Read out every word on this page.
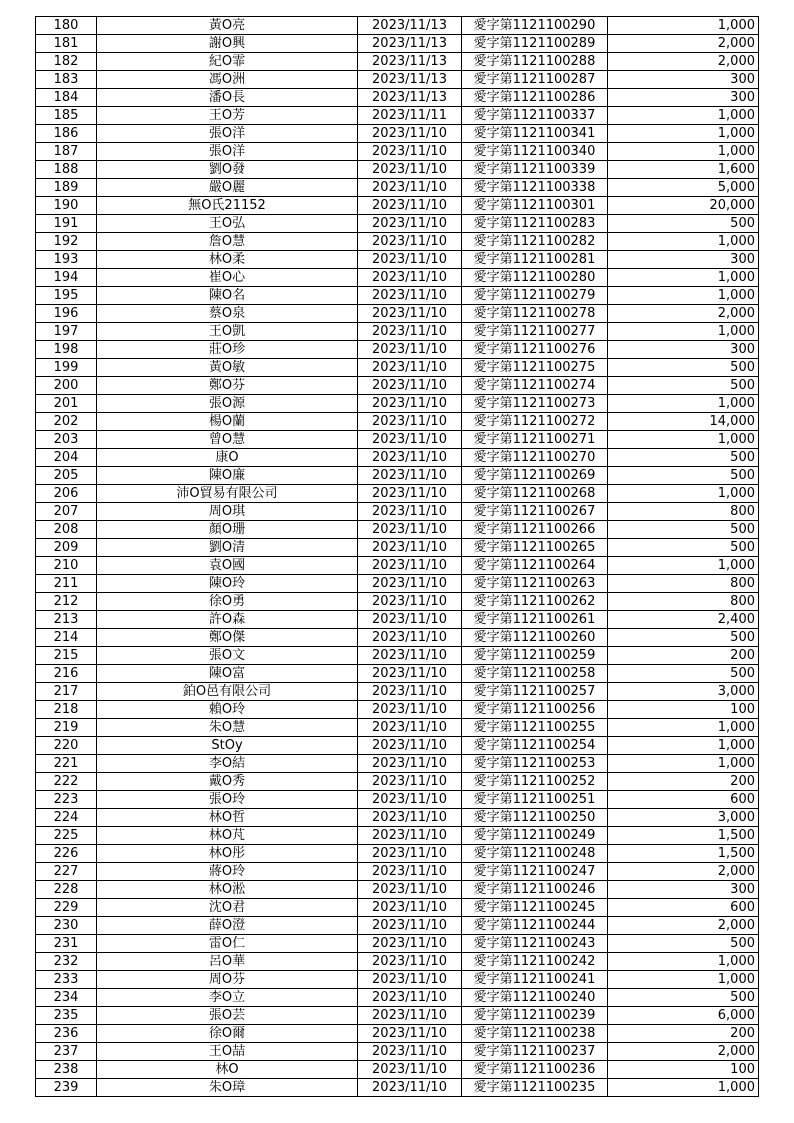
180	黃O亮	2023/11/13	愛字第1121100290	1,000
181	謝O興	2023/11/13	愛字第1121100289	2,000
182	紀O霏	2023/11/13	愛字第1121100288	2,000
183	馮O洲	2023/11/13	愛字第1121100287	300
184	潘O長	2023/11/13	愛字第1121100286	300
185	王O芳	2023/11/11	愛字第1121100337	1,000
186	張O洋	2023/11/10	愛字第1121100341	1,000
187	張O洋	2023/11/10	愛字第1121100340	1,000
188	劉O發	2023/11/10	愛字第1121100339	1,600
189	嚴O麗	2023/11/10	愛字第1121100338	5,000
190	無O氏21152	2023/11/10	愛字第1121100301	20,000
191	王O弘	2023/11/10	愛字第1121100283	500
192	詹O慧	2023/11/10	愛字第1121100282	1,000
193	林O柔	2023/11/10	愛字第1121100281	300
194	崔O心	2023/11/10	愛字第1121100280	1,000
195	陳O名	2023/11/10	愛字第1121100279	1,000
196	蔡O泉	2023/11/10	愛字第1121100278	2,000
197	王O凱	2023/11/10	愛字第1121100277	1,000
198	莊O珍	2023/11/10	愛字第1121100276	300
199	黃O敏	2023/11/10	愛字第1121100275	500
200	鄭O芬	2023/11/10	愛字第1121100274	500
201	張O源	2023/11/10	愛字第1121100273	1,000
202	楊O蘭	2023/11/10	愛字第1121100272	14,000
203	曾O慧	2023/11/10	愛字第1121100271	1,000
204	康O	2023/11/10	愛字第1121100270	500
205	陳O廉	2023/11/10	愛字第1121100269	500
206	沛O貿易有限公司	2023/11/10	愛字第1121100268	1,000
207	周O琪	2023/11/10	愛字第1121100267	800
208	顏O珊	2023/11/10	愛字第1121100266	500
209	劉O清	2023/11/10	愛字第1121100265	500
210	袁O國	2023/11/10	愛字第1121100264	1,000
211	陳O玲	2023/11/10	愛字第1121100263	800
212	徐O勇	2023/11/10	愛字第1121100262	800
213	許O森	2023/11/10	愛字第1121100261	2,400
214	鄭O傑	2023/11/10	愛字第1121100260	500
215	張O文	2023/11/10	愛字第1121100259	200
216	陳O富	2023/11/10	愛字第1121100258	500
217	鉑O邑有限公司	2023/11/10	愛字第1121100257	3,000
218	賴O玲	2023/11/10	愛字第1121100256	100
219	朱O慧	2023/11/10	愛字第1121100255	1,000
220	StOy	2023/11/10	愛字第1121100254	1,000
221	李O結	2023/11/10	愛字第1121100253	1,000
222	戴O秀	2023/11/10	愛字第1121100252	200
223	張O玲	2023/11/10	愛字第1121100251	600
224	林O哲	2023/11/10	愛字第1121100250	3,000
225	林O芃	2023/11/10	愛字第1121100249	1,500
226	林O彤	2023/11/10	愛字第1121100248	1,500
227	蔣O玲	2023/11/10	愛字第1121100247	2,000
228	林O淞	2023/11/10	愛字第1121100246	300
229	沈O君	2023/11/10	愛字第1121100245	600
230	薛O澄	2023/11/10	愛字第1121100244	2,000
231	雷O仁	2023/11/10	愛字第1121100243	500
232	呂O華	2023/11/10	愛字第1121100242	1,000
233	周O芬	2023/11/10	愛字第1121100241	1,000
234	李O立	2023/11/10	愛字第1121100240	500
235	張O芸	2023/11/10	愛字第1121100239	6,000
236	徐O爾	2023/11/10	愛字第1121100238	200
237	王O喆	2023/11/10	愛字第1121100237	2,000
238	林O	2023/11/10	愛字第1121100236	100
239	朱O璋	2023/11/10	愛字第1121100235	1,000
